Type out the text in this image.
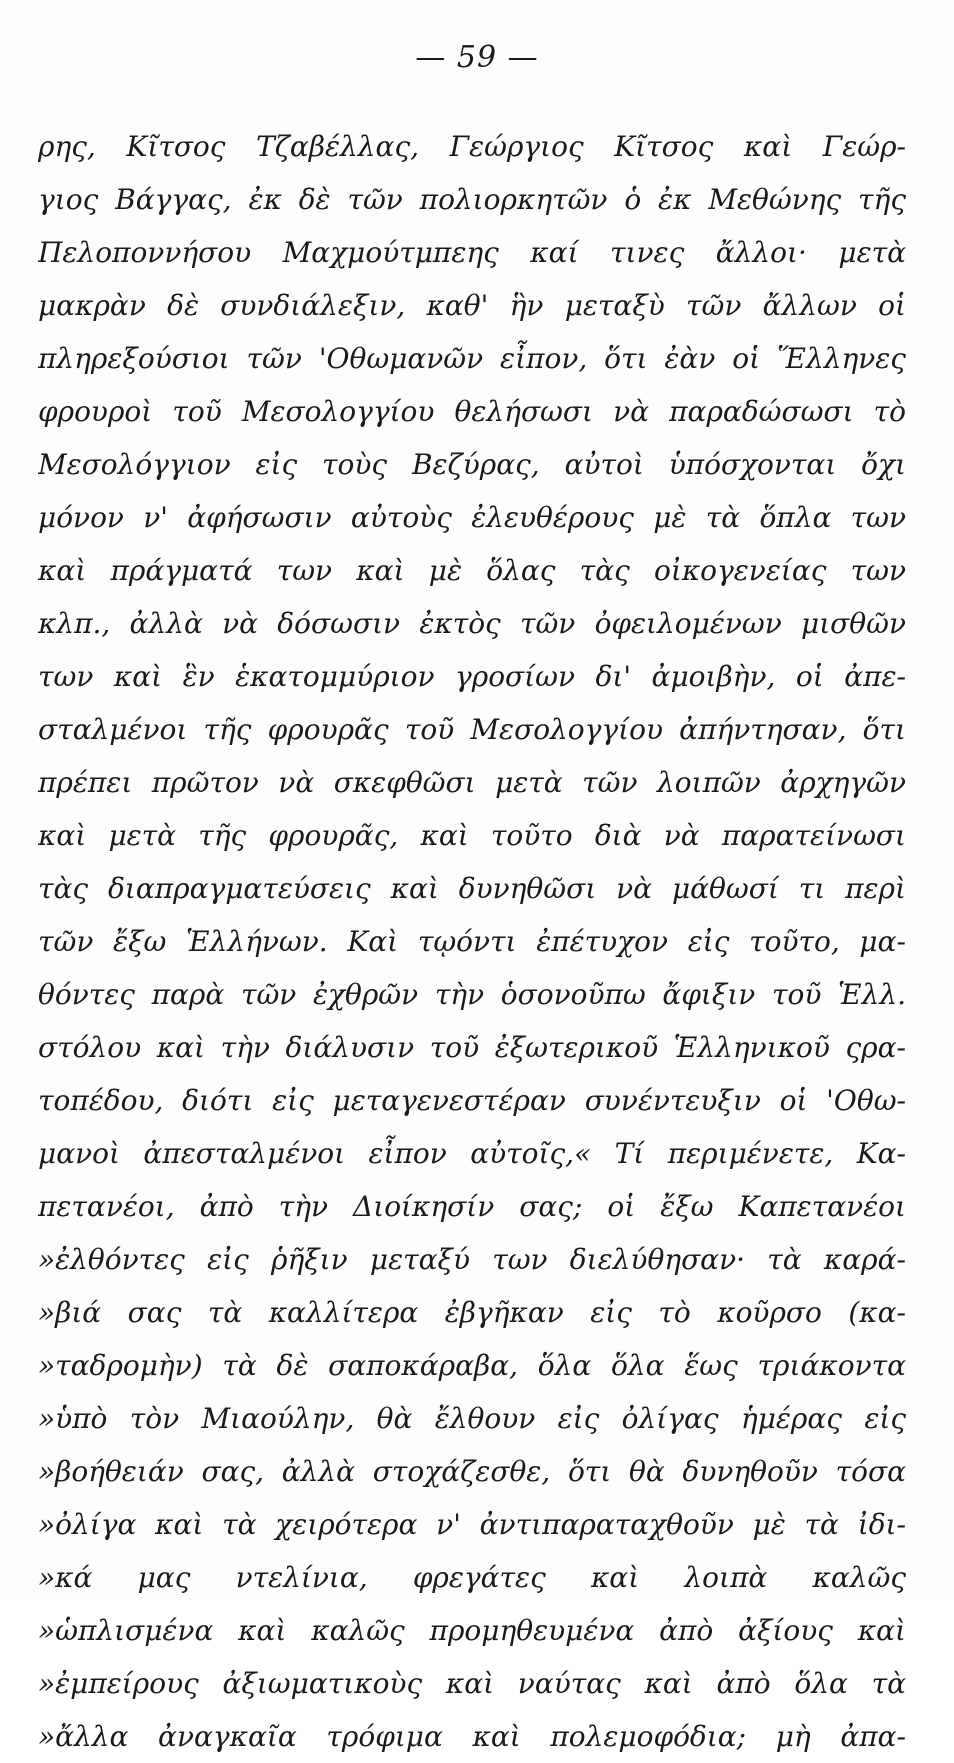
— 59 —
ρης, Κῖτσος Τζαβέλλας, Γεώργιος Κῖτσος καὶ Γεώρ-
γιος Βάγγας, ἐκ δὲ τῶν πολιορκητῶν ὁ ἐκ Μεθώνης τῆς
Πελοποννήσου Μαχμούτμπεης καί τινες ἄλλοι· μετὰ
μακρὰν δὲ συνδιάλεξιν, καθ' ἣν μεταξὺ τῶν ἄλλων οἱ
πληρεξούσιοι τῶν 'Οθωμανῶν εἶπον, ὅτι ἐὰν οἱ Ἕλληνες
φρουροὶ τοῦ Μεσολογγίου θελήσωσι νὰ παραδώσωσι τὸ
Μεσολόγγιον εἰς τοὺς Βεζύρας, αὐτοὶ ὑπόσχονται ὄχι
μόνον ν' ἀφήσωσιν αὐτοὺς ἐλευθέρους μὲ τὰ ὅπλα των
καὶ πράγματά των καὶ μὲ ὅλας τὰς οἰκογενείας των
κλπ., ἀλλὰ νὰ δόσωσιν ἐκτὸς τῶν ὀφειλομένων μισθῶν
των καὶ ἓν ἑκατομμύριον γροσίων δι' ἀμοιβὴν, οἱ ἀπε-
σταλμένοι τῆς φρουρᾶς τοῦ Μεσολογγίου ἀπήντησαν, ὅτι
πρέπει πρῶτον νὰ σκεφθῶσι μετὰ τῶν λοιπῶν ἀρχηγῶν
καὶ μετὰ τῆς φρουρᾶς, καὶ τοῦτο διὰ νὰ παρατείνωσι
τὰς διαπραγματεύσεις καὶ δυνηθῶσι νὰ μάθωσί τι περὶ
τῶν ἔξω Ἑλλήνων. Καὶ τῳόντι ἐπέτυχον εἰς τοῦτο, μα-
θόντες παρὰ τῶν ἐχθρῶν τὴν ὁσονοῦπω ἄφιξιν τοῦ Ἑλλ.
στόλου καὶ τὴν διάλυσιν τοῦ ἐξωτερικοῦ Ἑλληνικοῦ ςρα-
τοπέδου, διότι εἰς μεταγενεστέραν συνέντευξιν οἱ 'Οθω-
μανοὶ ἀπεσταλμένοι εἶπον αὐτοῖς,« Τί περιμένετε, Κα-
πετανέοι, ἀπὸ τὴν Διοίκησίν σας; οἱ ἔξω Καπετανέοι
»ἐλθόντες εἰς ῥῆξιν μεταξύ των διελύθησαν· τὰ καρά-
»βιά σας τὰ καλλίτερα ἐβγῆκαν εἰς τὸ κοῦρσο (κα-
»ταδρομὴν) τὰ δὲ σαποκάραβα, ὅλα ὅλα ἕως τριάκοντα
»ὑπὸ τὸν Μιαούλην, θὰ ἔλθουν εἰς ὀλίγας ἡμέρας εἰς
»βοήθειάν σας, ἀλλὰ στοχάζεσθε, ὅτι θὰ δυνηθοῦν τόσα
»ὀλίγα καὶ τὰ χειρότερα ν' ἀντιπαραταχθοῦν μὲ τὰ ἰδι-
»κά μας ντελίνια, φρεγάτες καὶ λοιπὰ καλῶς
»ὡπλισμένα καὶ καλῶς προμηθευμένα ἀπὸ ἀξίους καὶ
»ἐμπείρους ἀξιωματικοὺς καὶ ναύτας καὶ ἀπὸ ὅλα τὰ
»ἄλλα ἀναγκαῖα τρόφιμα καὶ πολεμοφόδια; μὴ ἀπα-
